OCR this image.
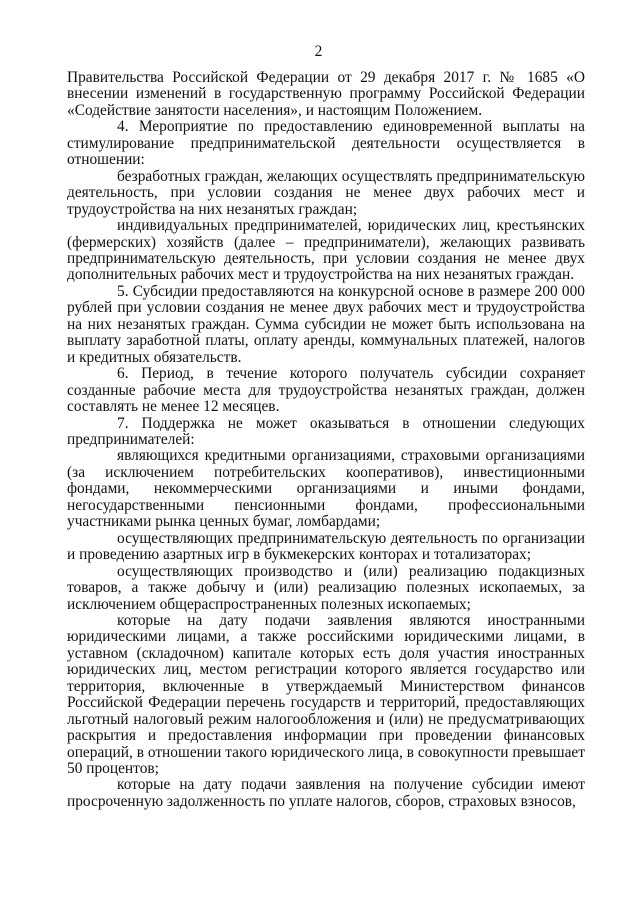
2

Правительства Российской Федерации от 29 декабря 2017 г. № 1685 «О внесении изменений в государственную программу Российской Федерации «Содействие занятости населения», и настоящим Положением.

4. Мероприятие по предоставлению единовременной выплаты на стимулирование предпринимательской деятельности осуществляется в отношении:

безработных граждан, желающих осуществлять предпринимательскую деятельность, при условии создания не менее двух рабочих мест и трудоустройства на них незанятых граждан;

индивидуальных предпринимателей, юридических лиц, крестьянских (фермерских) хозяйств (далее – предприниматели), желающих развивать предпринимательскую деятельность, при условии создания не менее двух дополнительных рабочих мест и трудоустройства на них незанятых граждан.

5. Субсидии предоставляются на конкурсной основе в размере 200 000 рублей при условии создания не менее двух рабочих мест и трудоустройства на них незанятых граждан. Сумма субсидии не может быть использована на выплату заработной платы, оплату аренды, коммунальных платежей, налогов и кредитных обязательств.

6. Период, в течение которого получатель субсидии сохраняет созданные рабочие места для трудоустройства незанятых граждан, должен составлять не менее 12 месяцев.

7. Поддержка не может оказываться в отношении следующих предпринимателей:

являющихся кредитными организациями, страховыми организациями (за исключением потребительских кооперативов), инвестиционными фондами, некоммерческими организациями и иными фондами, негосударственными пенсионными фондами, профессиональными участниками рынка ценных бумаг, ломбардами;

осуществляющих предпринимательскую деятельность по организации и проведению азартных игр в букмекерских конторах и тотализаторах;

осуществляющих производство и (или) реализацию подакцизных товаров, а также добычу и (или) реализацию полезных ископаемых, за исключением общераспространенных полезных ископаемых;

которые на дату подачи заявления являются иностранными юридическими лицами, а также российскими юридическими лицами, в уставном (складочном) капитале которых есть доля участия иностранных юридических лиц, местом регистрации которого является государство или территория, включенные в утверждаемый Министерством финансов Российской Федерации перечень государств и территорий, предоставляющих льготный налоговый режим налогообложения и (или) не предусматривающих раскрытия и предоставления информации при проведении финансовых операций, в отношении такого юридического лица, в совокупности превышает 50 процентов;

которые на дату подачи заявления на получение субсидии имеют просроченную задолженность по уплате налогов, сборов, страховых взносов,
